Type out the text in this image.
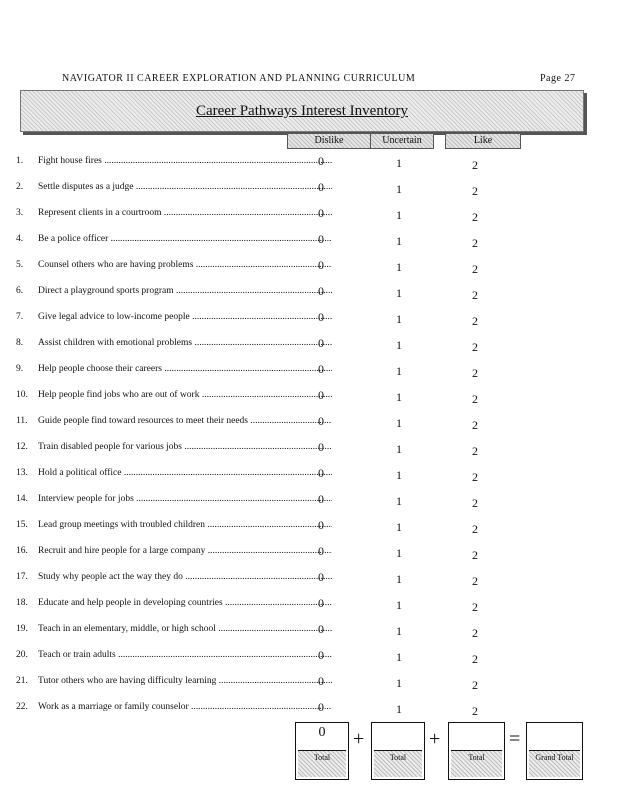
NAVIGATOR II CAREER EXPLORATION AND PLANNING CURRICULUM	Page 27
Career Pathways Interest Inventory
Dislike	Uncertain	Like
1.	Fight house fires .....	0	1	2
2.	Settle disputes as a judge .....	0	1	2
3.	Represent clients in a courtroom .....	0	1	2
4.	Be a police officer .....	0	1	2
5.	Counsel others who are having problems .....	0	1	2
6.	Direct a playground sports program .....	0	1	2
7.	Give legal advice to low-income people .....	0	1	2
8.	Assist children with emotional problems .....	0	1	2
9.	Help people choose their careers .....	0	1	2
10.	Help people find jobs who are out of work .....	0	1	2
11.	Guide people find toward resources to meet their needs .....	0	1	2
12.	Train disabled people for various jobs .....	0	1	2
13.	Hold a political office .....	0	1	2
14.	Interview people for jobs .....	0	1	2
15.	Lead group meetings with troubled children .....	0	1	2
16.	Recruit and hire people for a large company .....	0	1	2
17.	Study why people act the way they do .....	0	1	2
18.	Educate and help people in developing countries .....	0	1	2
19.	Teach in an elementary, middle, or high school .....	0	1	2
20.	Teach or train adults .....	0	1	2
21.	Tutor others who are having difficulty learning .....	0	1	2
22.	Work as a marriage or family counselor .....	0	1	2
0
Total
+
Total
+
Total
=
Grand Total
